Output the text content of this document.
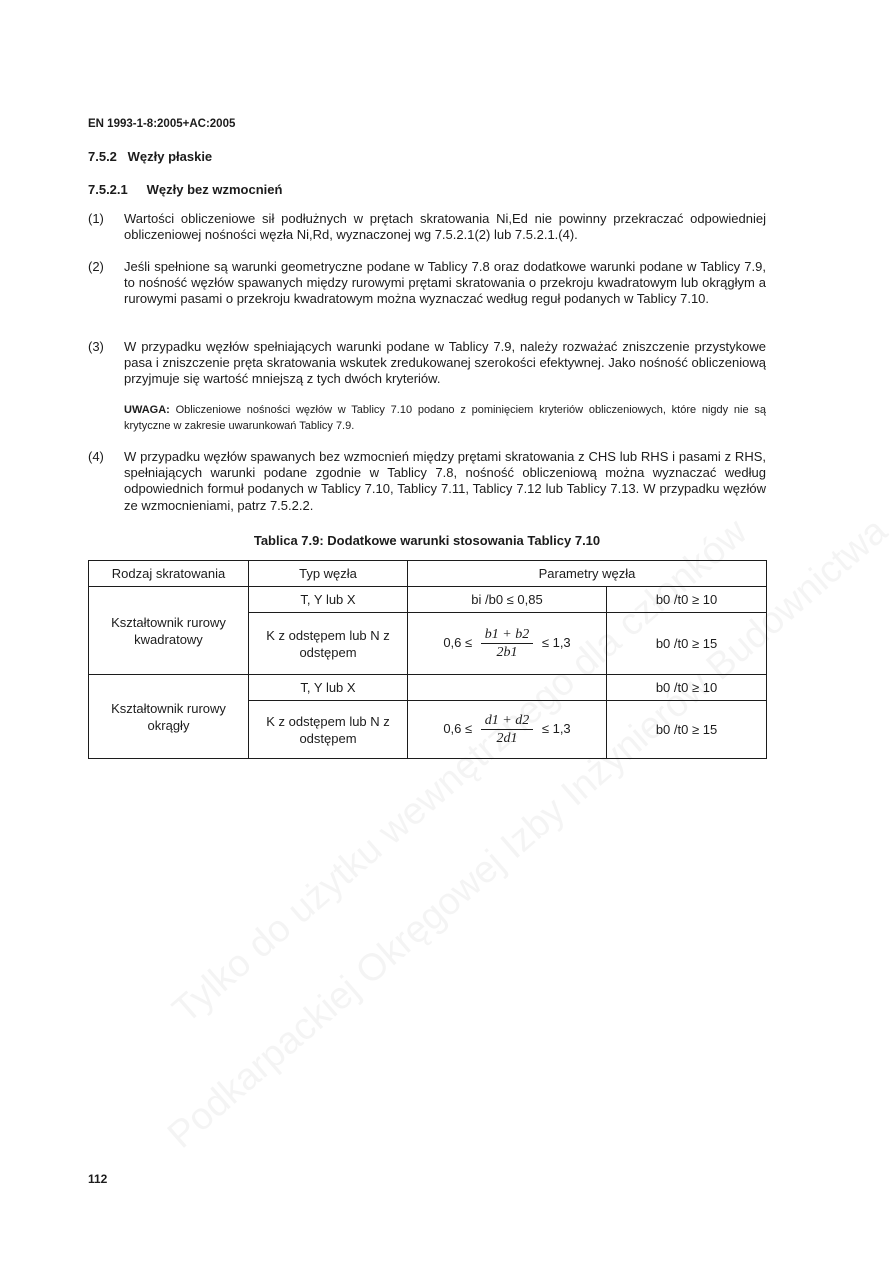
EN 1993-1-8:2005+AC:2005
7.5.2 Węzły płaskie
7.5.2.1 Węzły bez wzmocnień
(1)	Wartości obliczeniowe sił podłużnych w prętach skratowania Ni,Ed nie powinny przekraczać odpowiedniej obliczeniowej nośności węzła Ni,Rd, wyznaczonej wg 7.5.2.1(2) lub 7.5.2.1.(4).
(2)	Jeśli spełnione są warunki geometryczne podane w Tablicy 7.8 oraz dodatkowe warunki podane w Tablicy 7.9, to nośność węzłów spawanych między rurowymi prętami skratowania o przekroju kwadratowym lub okrągłym a rurowymi pasami o przekroju kwadratowym można wyznaczać według reguł podanych w Tablicy 7.10.
(3)	W przypadku węzłów spełniających warunki podane w Tablicy 7.9, należy rozważać zniszczenie przystykowe pasa i zniszczenie pręta skratowania wskutek zredukowanej szerokości efektywnej. Jako nośność obliczeniową przyjmuje się wartość mniejszą z tych dwóch kryteriów.
UWAGA: Obliczeniowe nośności węzłów w Tablicy 7.10 podano z pominięciem kryteriów obliczeniowych, które nigdy nie są krytyczne w zakresie uwarunkowań Tablicy 7.9.
(4)	W przypadku węzłów spawanych bez wzmocnień między prętami skratowania z CHS lub RHS i pasami z RHS, spełniających warunki podane zgodnie w Tablicy 7.8, nośność obliczeniową można wyznaczać według odpowiednich formuł podanych w Tablicy 7.10, Tablicy 7.11, Tablicy 7.12 lub Tablicy 7.13. W przypadku węzłów ze wzmocnieniami, patrz 7.5.2.2.
Tablica 7.9: Dodatkowe warunki stosowania Tablicy 7.10
Rodzaj skratowania	Typ węzła	Parametry węzła	
Kształtownik rurowy kwadratowy	T, Y lub X	bi /b0 ≤ 0,85	b0 /t0 ≥ 10
	K z odstępem lub N z odstępem	$0,6 \le \frac{b1 + b2}{2b1} \le 1,3$	b0 /t0 ≥ 15
Kształtownik rurowy okrągły	T, Y lub X		b0 /t0 ≥ 10
	K z odstępem lub N z odstępem	$0,6 \le \frac{d1 + d2}{2d1} \le 1,3$	b0 /t0 ≥ 15
112
